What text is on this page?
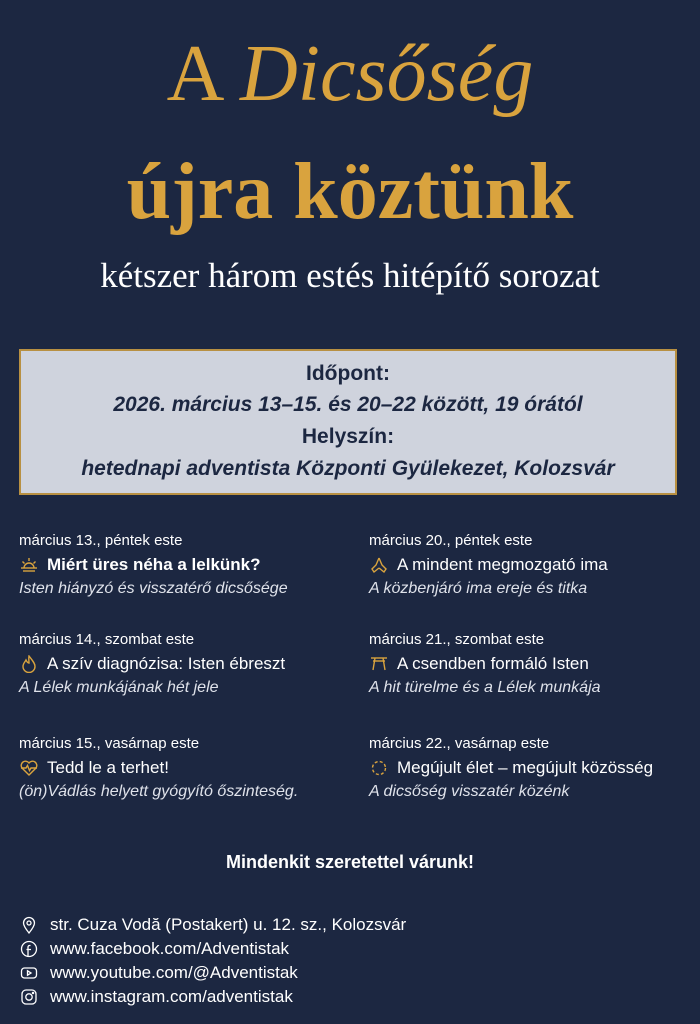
A Dicsőség
újra köztünk
kétszer három estés hitépítő sorozat
Időpont:
2026. március 13–15. és 20–22 között, 19 órától
Helyszín:
hetednapi adventista Központi Gyülekezet, Kolozsvár
március 13., péntek este
Miért üres néha a lelkünk?
Isten hiányzó és visszatérő dicsősége
március 14., szombat este
A szív diagnózisa: Isten ébreszt
A Lélek munkájának hét jele
március 15., vasárnap este
Tedd le a terhet!
(ön)Vádlás helyett gyógyító őszinteség.
március 20., péntek este
A mindent megmozgató ima
A közbenjáró ima ereje és titka
március 21., szombat este
A csendben formáló Isten
A hit türelme és a Lélek munkája
március 22., vasárnap este
Megújult élet – megújult közösség
A dicsőség visszatér közénk
Mindenkit szeretettel várunk!
str. Cuza Vodă (Postakert) u. 12. sz., Kolozsvár
www.facebook.com/Adventistak
www.youtube.com/@Adventistak
www.instagram.com/adventistak
